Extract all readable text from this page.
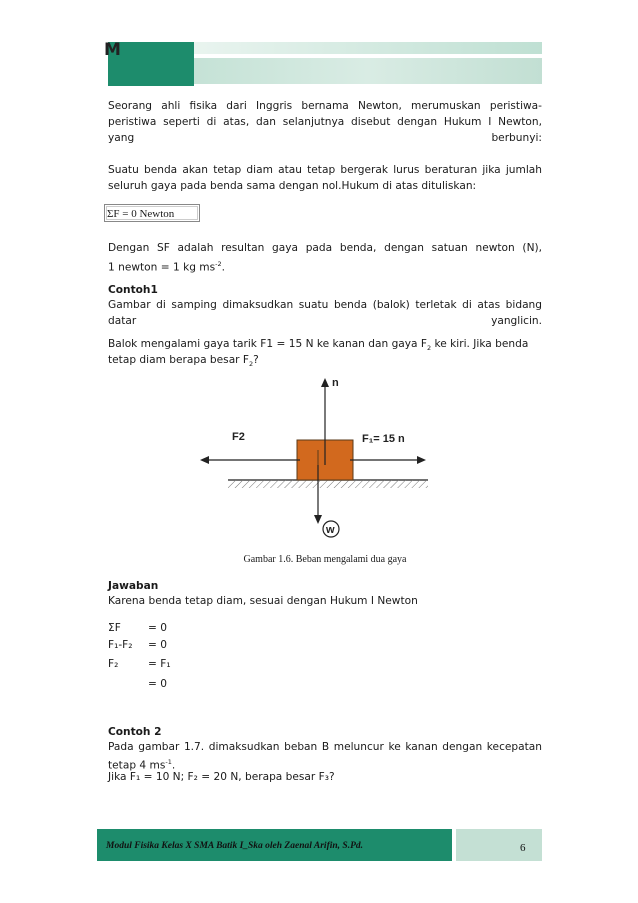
M
Seorang ahli fisika dari Inggris bernama Newton, merumuskan peristiwa-
peristiwa seperti di atas, dan selanjutnya disebut dengan Hukum I Newton,
yang	berbunyi:
Suatu benda akan tetap diam atau tetap bergerak lurus beraturan jika jumlah
seluruh gaya pada benda sama dengan nol.Hukum di atas dituliskan:
ΣF = 0 Newton
Dengan SF adalah resultan gaya pada benda, dengan satuan newton (N),
1 newton = 1 kg $ms^{-2}$.
Contoh1
Gambar di samping dimaksudkan suatu benda (balok) terletak di atas bidang
datar	yanglicin.
Balok mengalami gaya tarik F1 = 15 N ke kanan dan gaya $F_2$ ke kiri. Jika benda
tetap diam berapa besar $F_2$?
n
F2	F₁= 15 n
w
Gambar 1.6. Beban mengalami dua gaya
Jawaban
Karena benda tetap diam, sesuai dengan Hukum I Newton
ΣF	= 0
F₁-F₂ = 0
F₂	= F₁
= 0
Contoh 2
Pada gambar 1.7. dimaksudkan beban B meluncur ke kanan dengan kecepatan
tetap 4 $ms^{-1}$.
Jika F₁ = 10 N; F₂ = 20 N, berapa besar F₃?
Modul Fisika Kelas X SMA Batik I_Ska oleh Zaenal Arifin, S.Pd.	6
